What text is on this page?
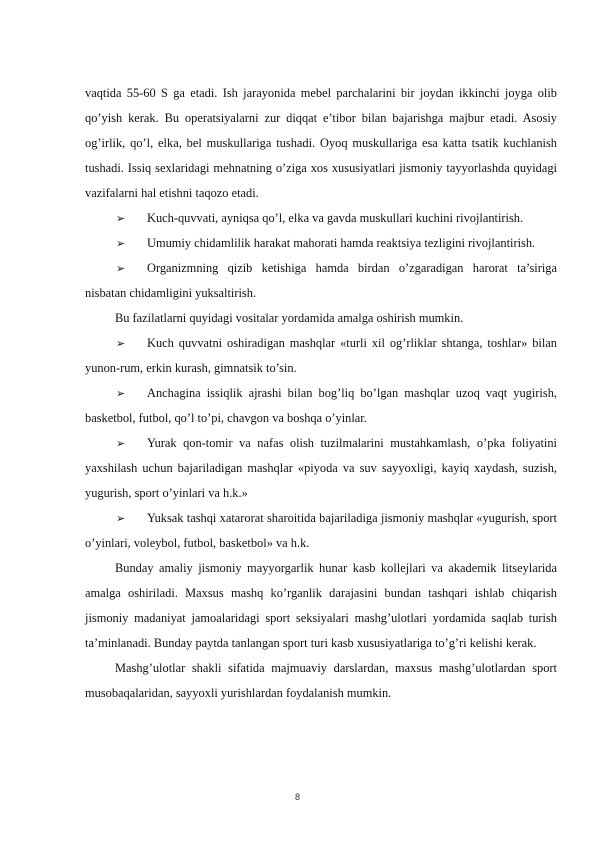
vaqtida 55-60 S ga etadi. Ish jarayonida mebel parchalarini bir joydan ikkinchi joyga olib qo’yish kerak. Bu operatsiyalarni zur diqqat e’tibor bilan bajarishga majbur etadi. Asosiy og’irlik, qo’l, elka, bel muskullariga tushadi. Oyoq muskullariga esa katta tsatik kuchlanish tushadi. Issiq sexlaridagi mehnatning o’ziga xos xususiyatlari jismoniy tayyorlashda quyidagi vazifalarni hal etishni taqozo etadi.

➢ Kuch-quvvati, ayniqsa qo’l, elka va gavda muskullari kuchini rivojlantirish.

➢ Umumiy chidamlilik harakat mahorati hamda reaktsiya tezligini rivojlantirish.

➢ Organizmning qizib ketishiga hamda birdan o’zgaradigan harorat ta’siriga nisbatan chidamligini yuksaltirish.

Bu fazilatlarni quyidagi vositalar yordamida amalga oshirish mumkin.

➢ Kuch quvvatni oshiradigan mashqlar «turli xil og’rliklar shtanga, toshlar» bilan yunon-rum, erkin kurash, gimnatsik to’sin.

➢ Anchagina issiqlik ajrashi bilan bog’liq bo’lgan mashqlar uzoq vaqt yugirish, basketbol, futbol, qo’l to’pi, chavgon va boshqa o’yinlar.

➢ Yurak qon-tomir va nafas olish tuzilmalarini mustahkamlash, o’pka foliyatini yaxshilash uchun bajariladigan mashqlar «piyoda va suv sayyoxligi, kayiq xaydash, suzish, yugurish, sport o’yinlari va h.k.»

➢ Yuksak tashqi xatarorat sharoitida bajariladiga jismoniy mashqlar «yugurish, sport o’yinlari, voleybol, futbol, basketbol» va h.k.

Bunday amaliy jismoniy mayyorgarlik hunar kasb kollejlari va akademik litseylarida amalga oshiriladi. Maxsus mashq ko’rganlik darajasini bundan tashqari ishlab chiqarish jismoniy madaniyat jamoalaridagi sport seksiyalari mashg’ulotlari yordamida saqlab turish ta’minlanadi. Bunday paytda tanlangan sport turi kasb xususiyatlariga to’g’ri kelishi kerak.

Mashg’ulotlar shakli sifatida majmuaviy darslardan, maxsus mashg’ulotlardan sport musobaqalaridan, sayyoxli yurishlardan foydalanish mumkin.

8
